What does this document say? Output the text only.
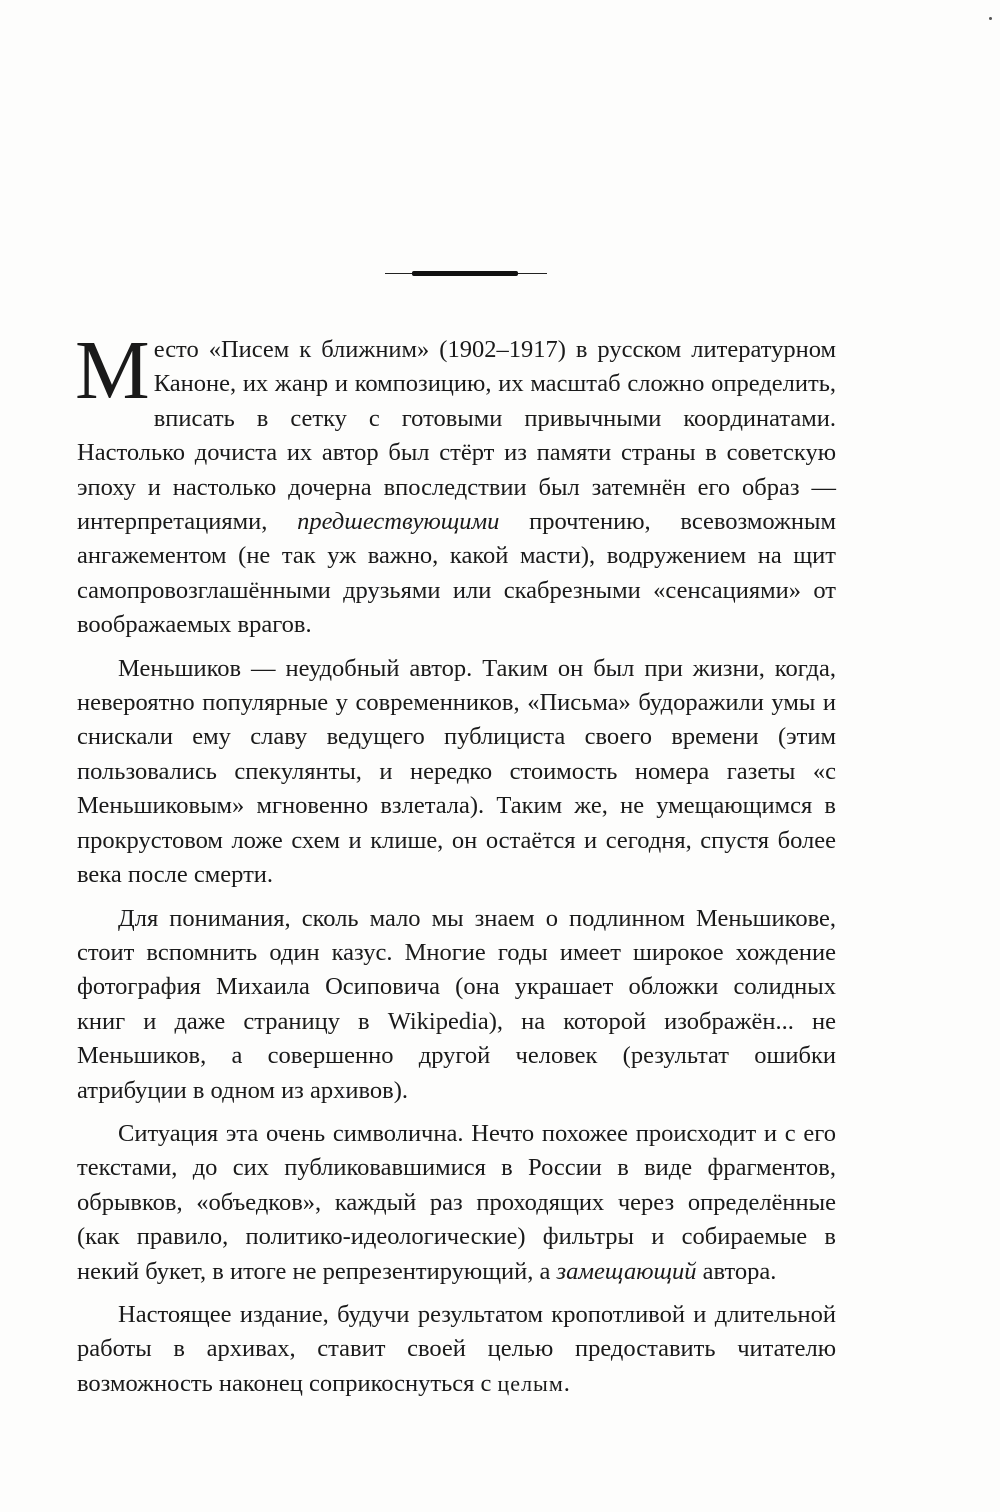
Место «Писем к ближним» (1902–1917) в русском литературном Каноне, их жанр и композицию, их масштаб сложно определить, вписать в сетку с готовыми привычными координатами. Настолько дочиста их автор был стёрт из памяти страны в советскую эпоху и настолько дочерна впоследствии был затемнён его образ — интерпретациями, предшествующими прочтению, всевозможным ангажементом (не так уж важно, какой масти), водружением на щит самопровозглашёнными друзьями или скабрезными «сенсациями» от воображаемых врагов.

Меньшиков — неудобный автор. Таким он был при жизни, когда, невероятно популярные у современников, «Письма» будоражили умы и снискали ему славу ведущего публициста своего времени (этим пользовались спекулянты, и нередко стоимость номера газеты «с Меньшиковым» мгновенно взлетала). Таким же, не умещающимся в прокрустовом ложе схем и клише, он остаётся и сегодня, спустя более века после смерти.

Для понимания, сколь мало мы знаем о подлинном Меньшикове, стоит вспомнить один казус. Многие годы имеет широкое хождение фотография Михаила Осиповича (она украшает обложки солидных книг и даже страницу в Wikipedia), на которой изображён... не Меньшиков, а совершенно другой человек (результат ошибки атрибуции в одном из архивов).

Ситуация эта очень символична. Нечто похожее происходит и с его текстами, до сих публиковавшимися в России в виде фрагментов, обрывков, «объедков», каждый раз проходящих через определённые (как правило, политико-идеологические) фильтры и собираемые в некий букет, в итоге не репрезентирующий, а замещающий автора.

Настоящее издание, будучи результатом кропотливой и длительной работы в архивах, ставит своей целью предоставить читателю возможность наконец соприкоснуться с целым.
